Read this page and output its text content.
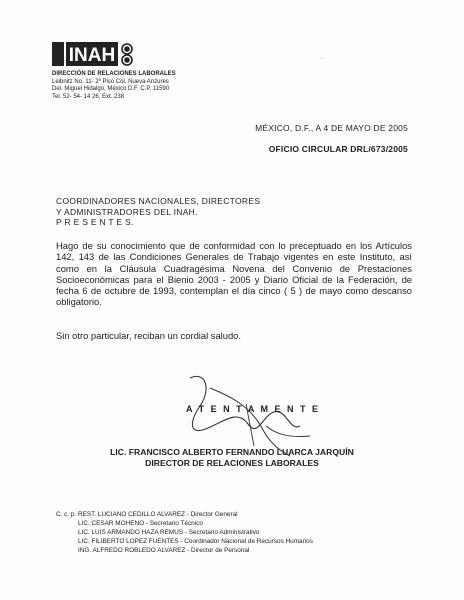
INAH
DIRECCIÓN DE RELACIONES LABORALES
Leibnitz No. 11- 2º Piso Col. Nueva Anzures
Del. Miguel Hidalgo, México D.F. C.P. 11590
Tel. 52- 54- 14 26, Ext. 238
·
MÉXICO, D.F., A 4 DE MAYO DE 2005
OFICIO CIRCULAR DRL/673/2005
COORDINADORES NACIONALES, DIRECTORES
Y ADMINISTRADORES DEL INAH.
P R E S E N T E S.
Hago de su conocimiento que de conformidad con lo preceptuado en los Artículos 142, 143 de las Condiciones Generales de Trabajo vigentes en este Instituto, así como en la Cláusula Cuadragésima Novena del Convenio de Prestaciones Socioeconómicas para el Bienio 2003 - 2005 y Diario Oficial de la Federación, de fecha 6 de octubre de 1993, contemplan el día cinco ( 5 ) de mayo como descanso obligatorio.
Sin otro particular, reciban un cordial saludo.
A T E N T A M E N T E
LIC. FRANCISCO ALBERTO FERNANDO LUARCA JARQUÍN
DIRECTOR DE RELACIONES LABORALES
C. c. p. REST. LUCIANO CEDILLO ALVAREZ - Director General
LIC. CESAR MOHENO - Secretario Técnico
LIC. LUIS ARMANDO HAZA REMUS - Secretario Administrativo
LIC. FILIBERTO LOPEZ FUENTES - Coordinador Nacional de Recursos Humanos
ING. ALFREDO ROBLEDO ALVAREZ - Director de Personal
